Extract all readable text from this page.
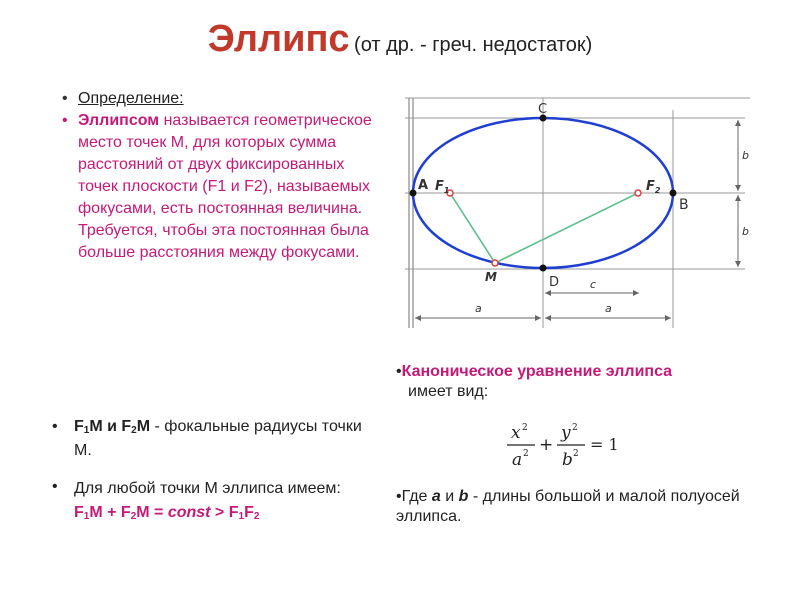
Эллипс (от др. - греч. недостаток)
• Определение:
• Эллипсом называется геометрическое место точек М, для которых сумма расстояний от двух фиксированных точек плоскости (F1 и F2), называемых фокусами, есть постоянная величина. Требуется, чтобы эта постоянная была больше расстояния между фокусами.
C
A $F_1$	$F_2$
B
M	D
b
b
c
a	a
•Каноническое уравнение эллипса
имеет вид:
x 2
a 2 +
y 2
b 2 = 1
•Где a и b - длины большой и малой полуосей эллипса.
• $F_1M$ и $F_2M$ - фокальные радиусы точки М.
• Для любой точки М эллипса имеем:
$F_1M + F_2M$ = const > $F_1F_2$
